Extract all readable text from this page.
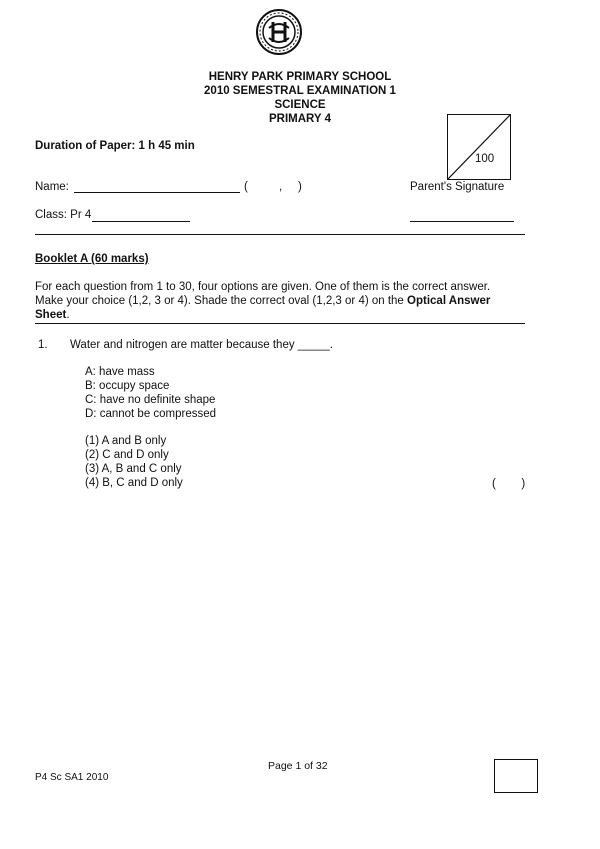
HENRY PARK PRIMARY SCHOOL
2010 SEMESTRAL EXAMINATION 1
SCIENCE
PRIMARY 4
Duration of Paper: 1 h 45 min
100
Name:	(	, )	Parent's Signature
Class: Pr 4
Booklet A (60 marks)
For each question from 1 to 30, four options are given. One of them is the correct answer.
Make your choice (1,2, 3 or 4). Shade the correct oval (1,2,3 or 4) on the Optical Answer
Sheet.
1. Water and nitrogen are matter because they _____.
A: have mass
B: occupy space
C: have no definite shape
D: cannot be compressed
(1) A and B only
(2) C and D only
(3) A, B and C only
(4) B, C and D only	(        )
Page 1 of 32
P4 Sc SA1 2010
